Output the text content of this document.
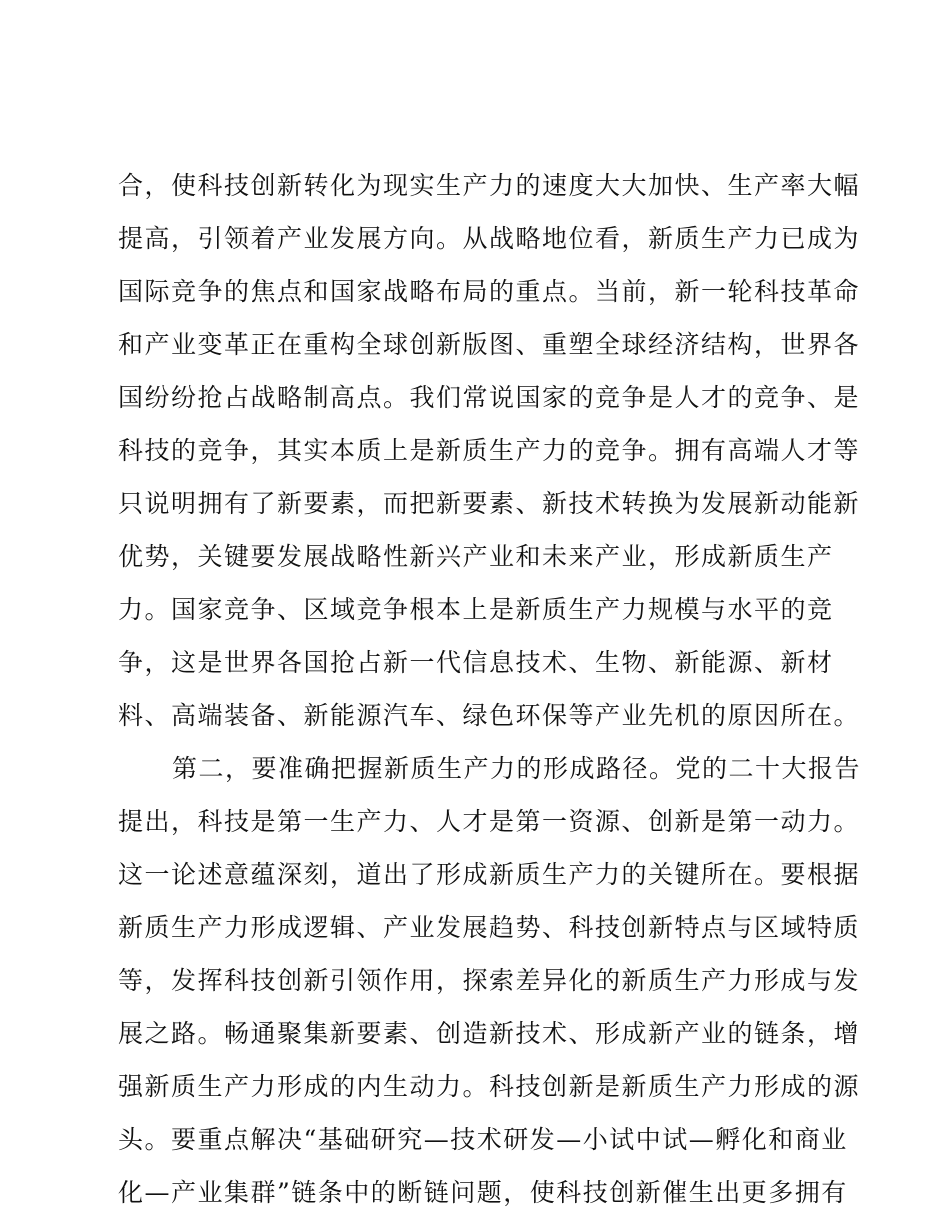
合，使科技创新转化为现实生产力的速度大大加快、生产率大幅
提高，引领着产业发展方向。从战略地位看，新质生产力已成为
国际竞争的焦点和国家战略布局的重点。当前，新一轮科技革命
和产业变革正在重构全球创新版图、重塑全球经济结构，世界各
国纷纷抢占战略制高点。我们常说国家的竞争是人才的竞争、是
科技的竞争，其实本质上是新质生产力的竞争。拥有高端人才等
只说明拥有了新要素，而把新要素、新技术转换为发展新动能新
优势，关键要发展战略性新兴产业和未来产业，形成新质生产
力。国家竞争、区域竞争根本上是新质生产力规模与水平的竞
争，这是世界各国抢占新一代信息技术、生物、新能源、新材
料、高端装备、新能源汽车、绿色环保等产业先机的原因所在。
第二，要准确把握新质生产力的形成路径。党的二十大报告
提出，科技是第一生产力、人才是第一资源、创新是第一动力。
这一论述意蕴深刻，道出了形成新质生产力的关键所在。要根据
新质生产力形成逻辑、产业发展趋势、科技创新特点与区域特质
等，发挥科技创新引领作用，探索差异化的新质生产力形成与发
展之路。畅通聚集新要素、创造新技术、形成新产业的链条，增
强新质生产力形成的内生动力。科技创新是新质生产力形成的源
头。要重点解决“基础研究—技术研发—小试中试—孵化和商业
化—产业集群”链条中的断链问题，使科技创新催生出更多拥有
